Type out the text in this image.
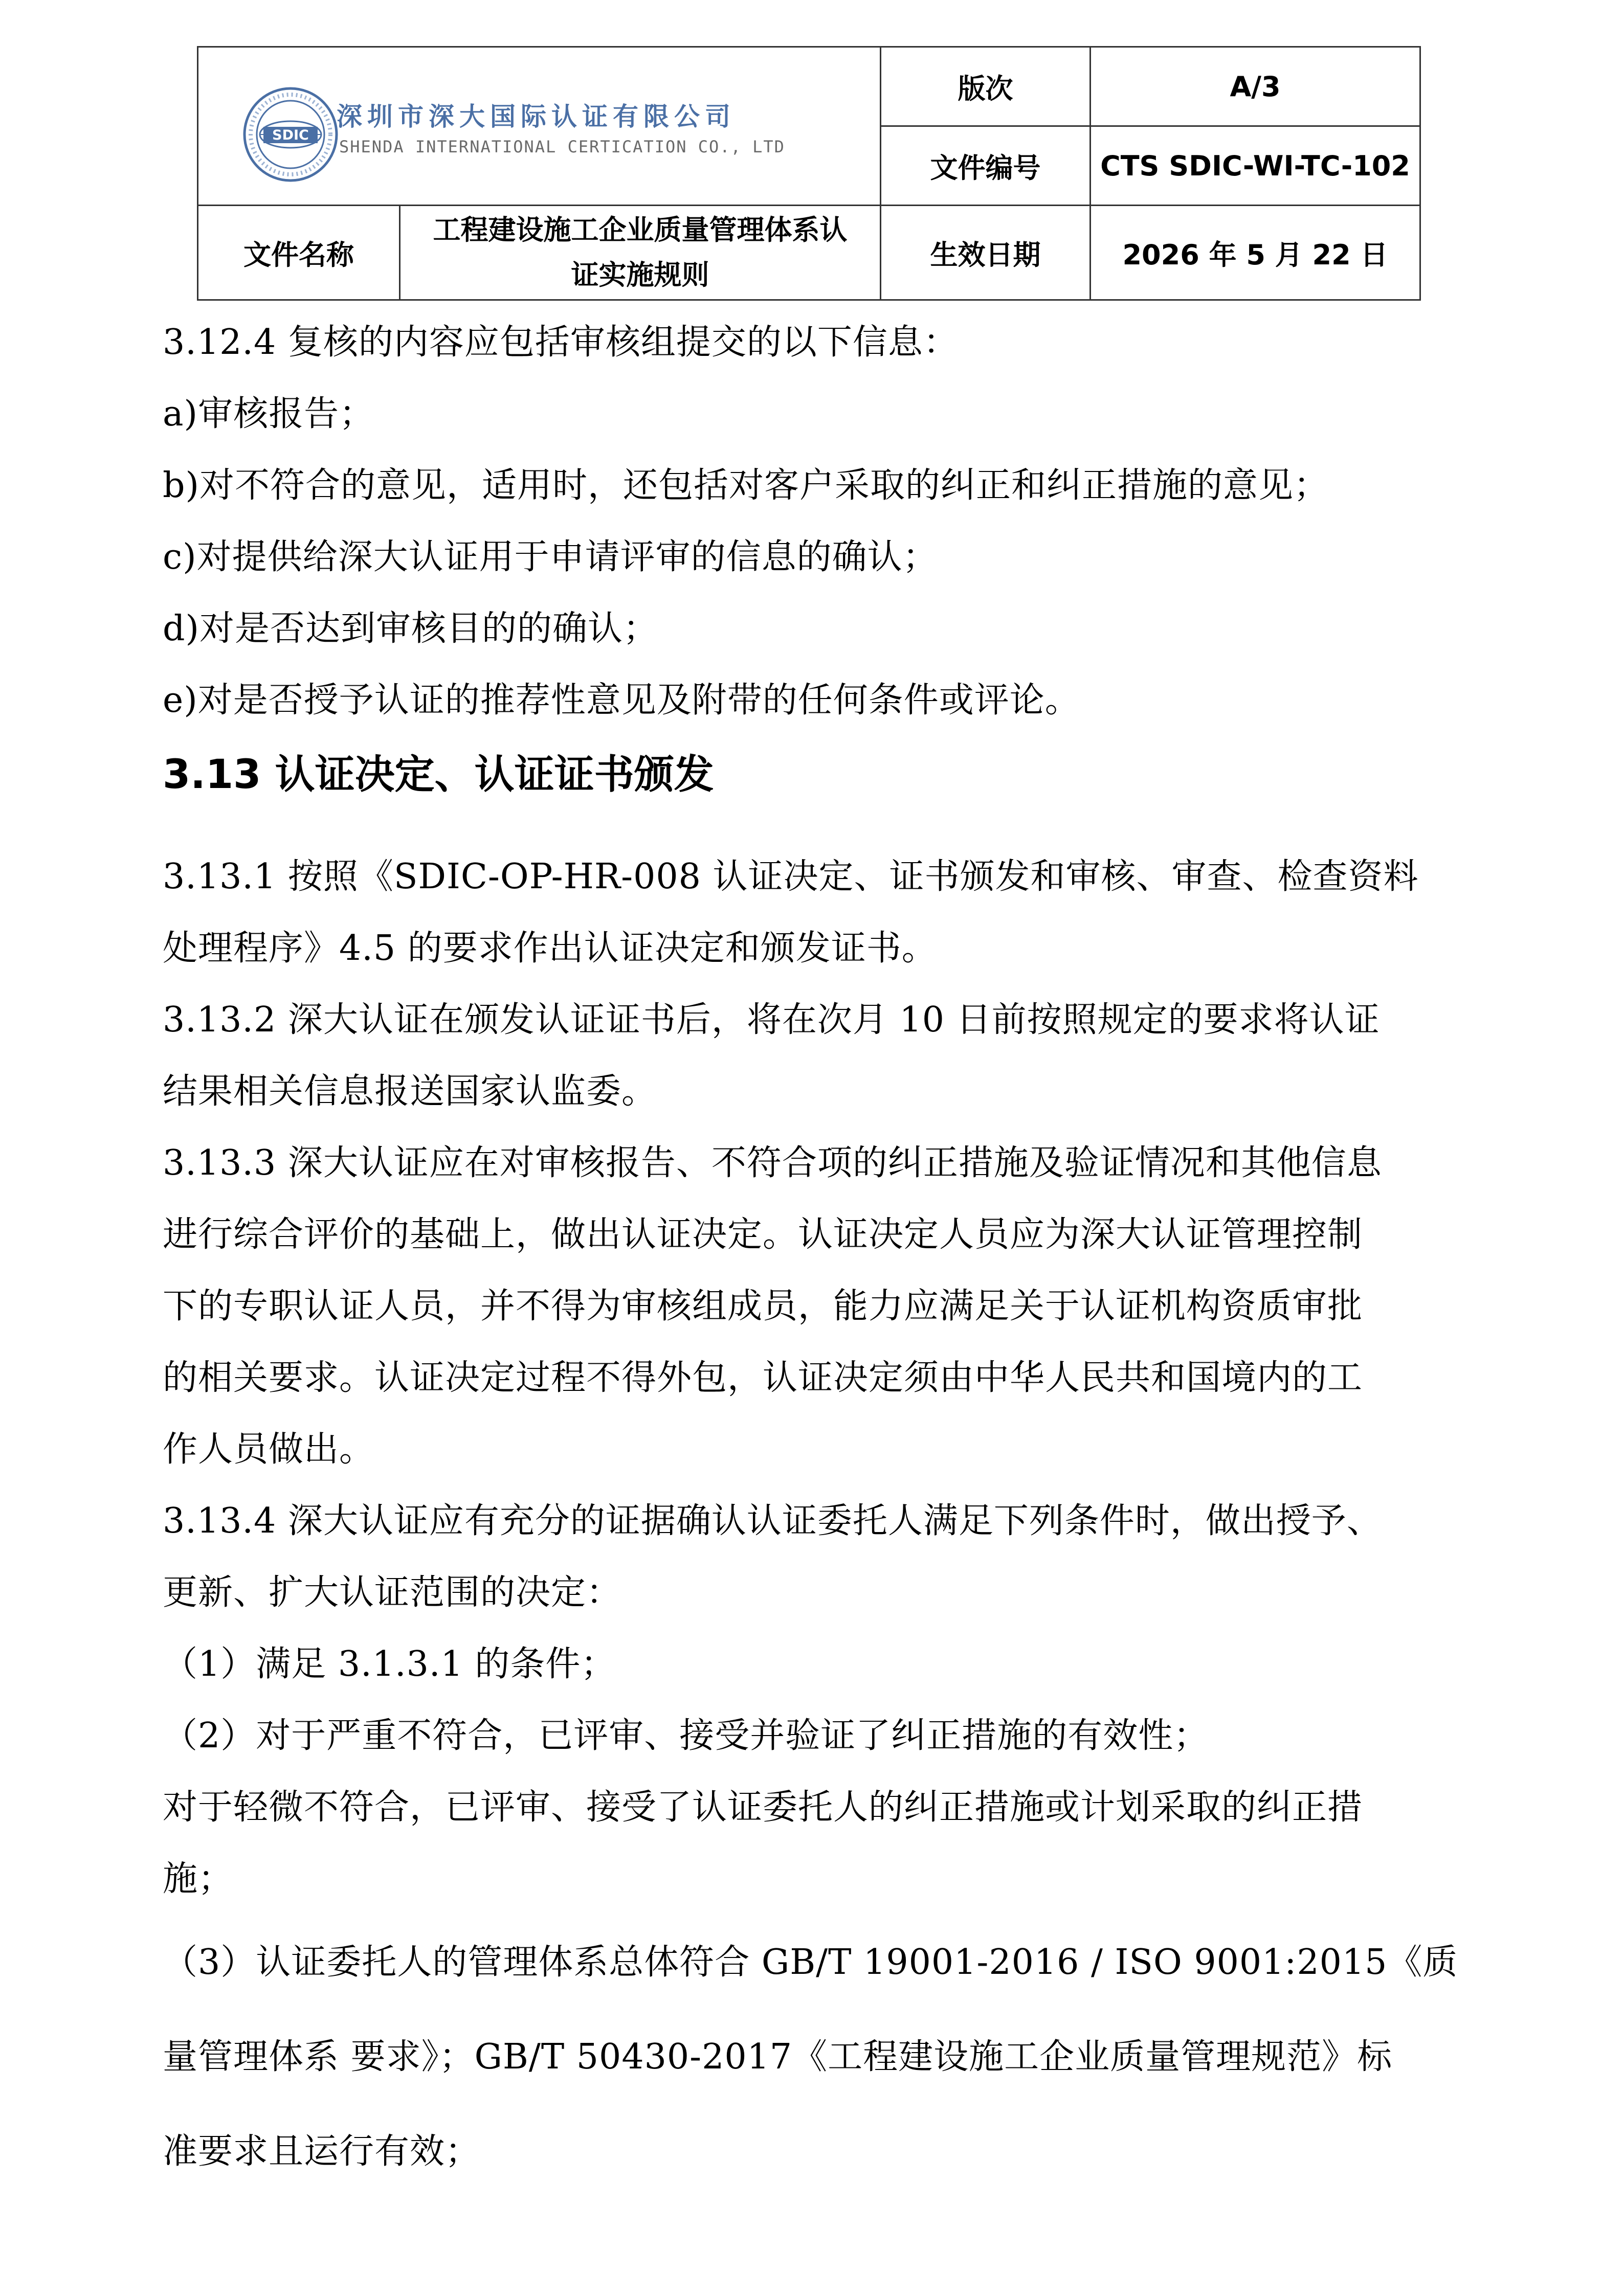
SDIC
深圳市深大国际认证有限公司
SHENDA INTERNATIONAL CERTICATION CO., LTD		版次	A/3
		文件编号	CTS SDIC-WI-TC-102
文件名称	工程建设施工企业质量管理体系认证实施规则	生效日期	2026 年 5 月 22 日

3.12.4 复核的内容应包括审核组提交的以下信息：

a)审核报告；

b)对不符合的意见，适用时，还包括对客户采取的纠正和纠正措施的意见；

c)对提供给深大认证用于申请评审的信息的确认；

d)对是否达到审核目的的确认；

e)对是否授予认证的推荐性意见及附带的任何条件或评论。

3.13 认证决定、认证证书颁发

3.13.1 按照《SDIC-OP-HR-008 认证决定、证书颁发和审核、审查、检查资料

处理程序》4.5 的要求作出认证决定和颁发证书。

3.13.2 深大认证在颁发认证证书后，将在次月 10 日前按照规定的要求将认证

结果相关信息报送国家认监委。

3.13.3 深大认证应在对审核报告、不符合项的纠正措施及验证情况和其他信息

进行综合评价的基础上，做出认证决定。认证决定人员应为深大认证管理控制

下的专职认证人员，并不得为审核组成员，能力应满足关于认证机构资质审批

的相关要求。认证决定过程不得外包，认证决定须由中华人民共和国境内的工

作人员做出。

3.13.4 深大认证应有充分的证据确认认证委托人满足下列条件时，做出授予、

更新、扩大认证范围的决定：

（1）满足 3.1.3.1 的条件；

（2）对于严重不符合，已评审、接受并验证了纠正措施的有效性；

对于轻微不符合，已评审、接受了认证委托人的纠正措施或计划采取的纠正措

施；

（3）认证委托人的管理体系总体符合 GB/T 19001-2016 / ISO 9001:2015《质

量管理体系 要求》；GB/T 50430-2017《工程建设施工企业质量管理规范》标

准要求且运行有效；
